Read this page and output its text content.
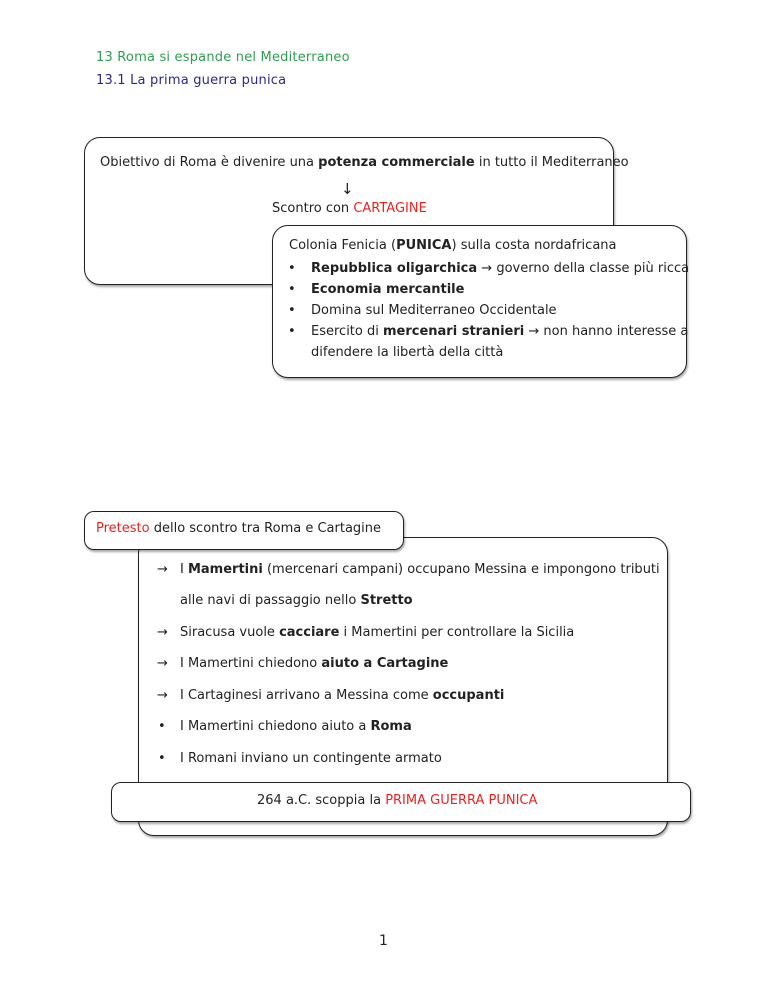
13 Roma si espande nel Mediterraneo
13.1 La prima guerra punica
Obiettivo di Roma è divenire una potenza commerciale in tutto il Mediterraneo
↓
Scontro con CARTAGINE
Colonia Fenicia (PUNICA) sulla costa nordafricana
• Repubblica oligarchica → governo della classe più ricca
• Economia mercantile
• Domina sul Mediterraneo Occidentale
• Esercito di mercenari stranieri → non hanno interesse a
difendere la libertà della città
Pretesto dello scontro tra Roma e Cartagine
→ I Mamertini (mercenari campani) occupano Messina e impongono tributi
alle navi di passaggio nello Stretto
→ Siracusa vuole cacciare i Mamertini per controllare la Sicilia
→ I Mamertini chiedono aiuto a Cartagine
→ I Cartaginesi arrivano a Messina come occupanti
• I Mamertini chiedono aiuto a Roma
• I Romani inviano un contingente armato
264 a.C. scoppia la PRIMA GUERRA PUNICA
1
